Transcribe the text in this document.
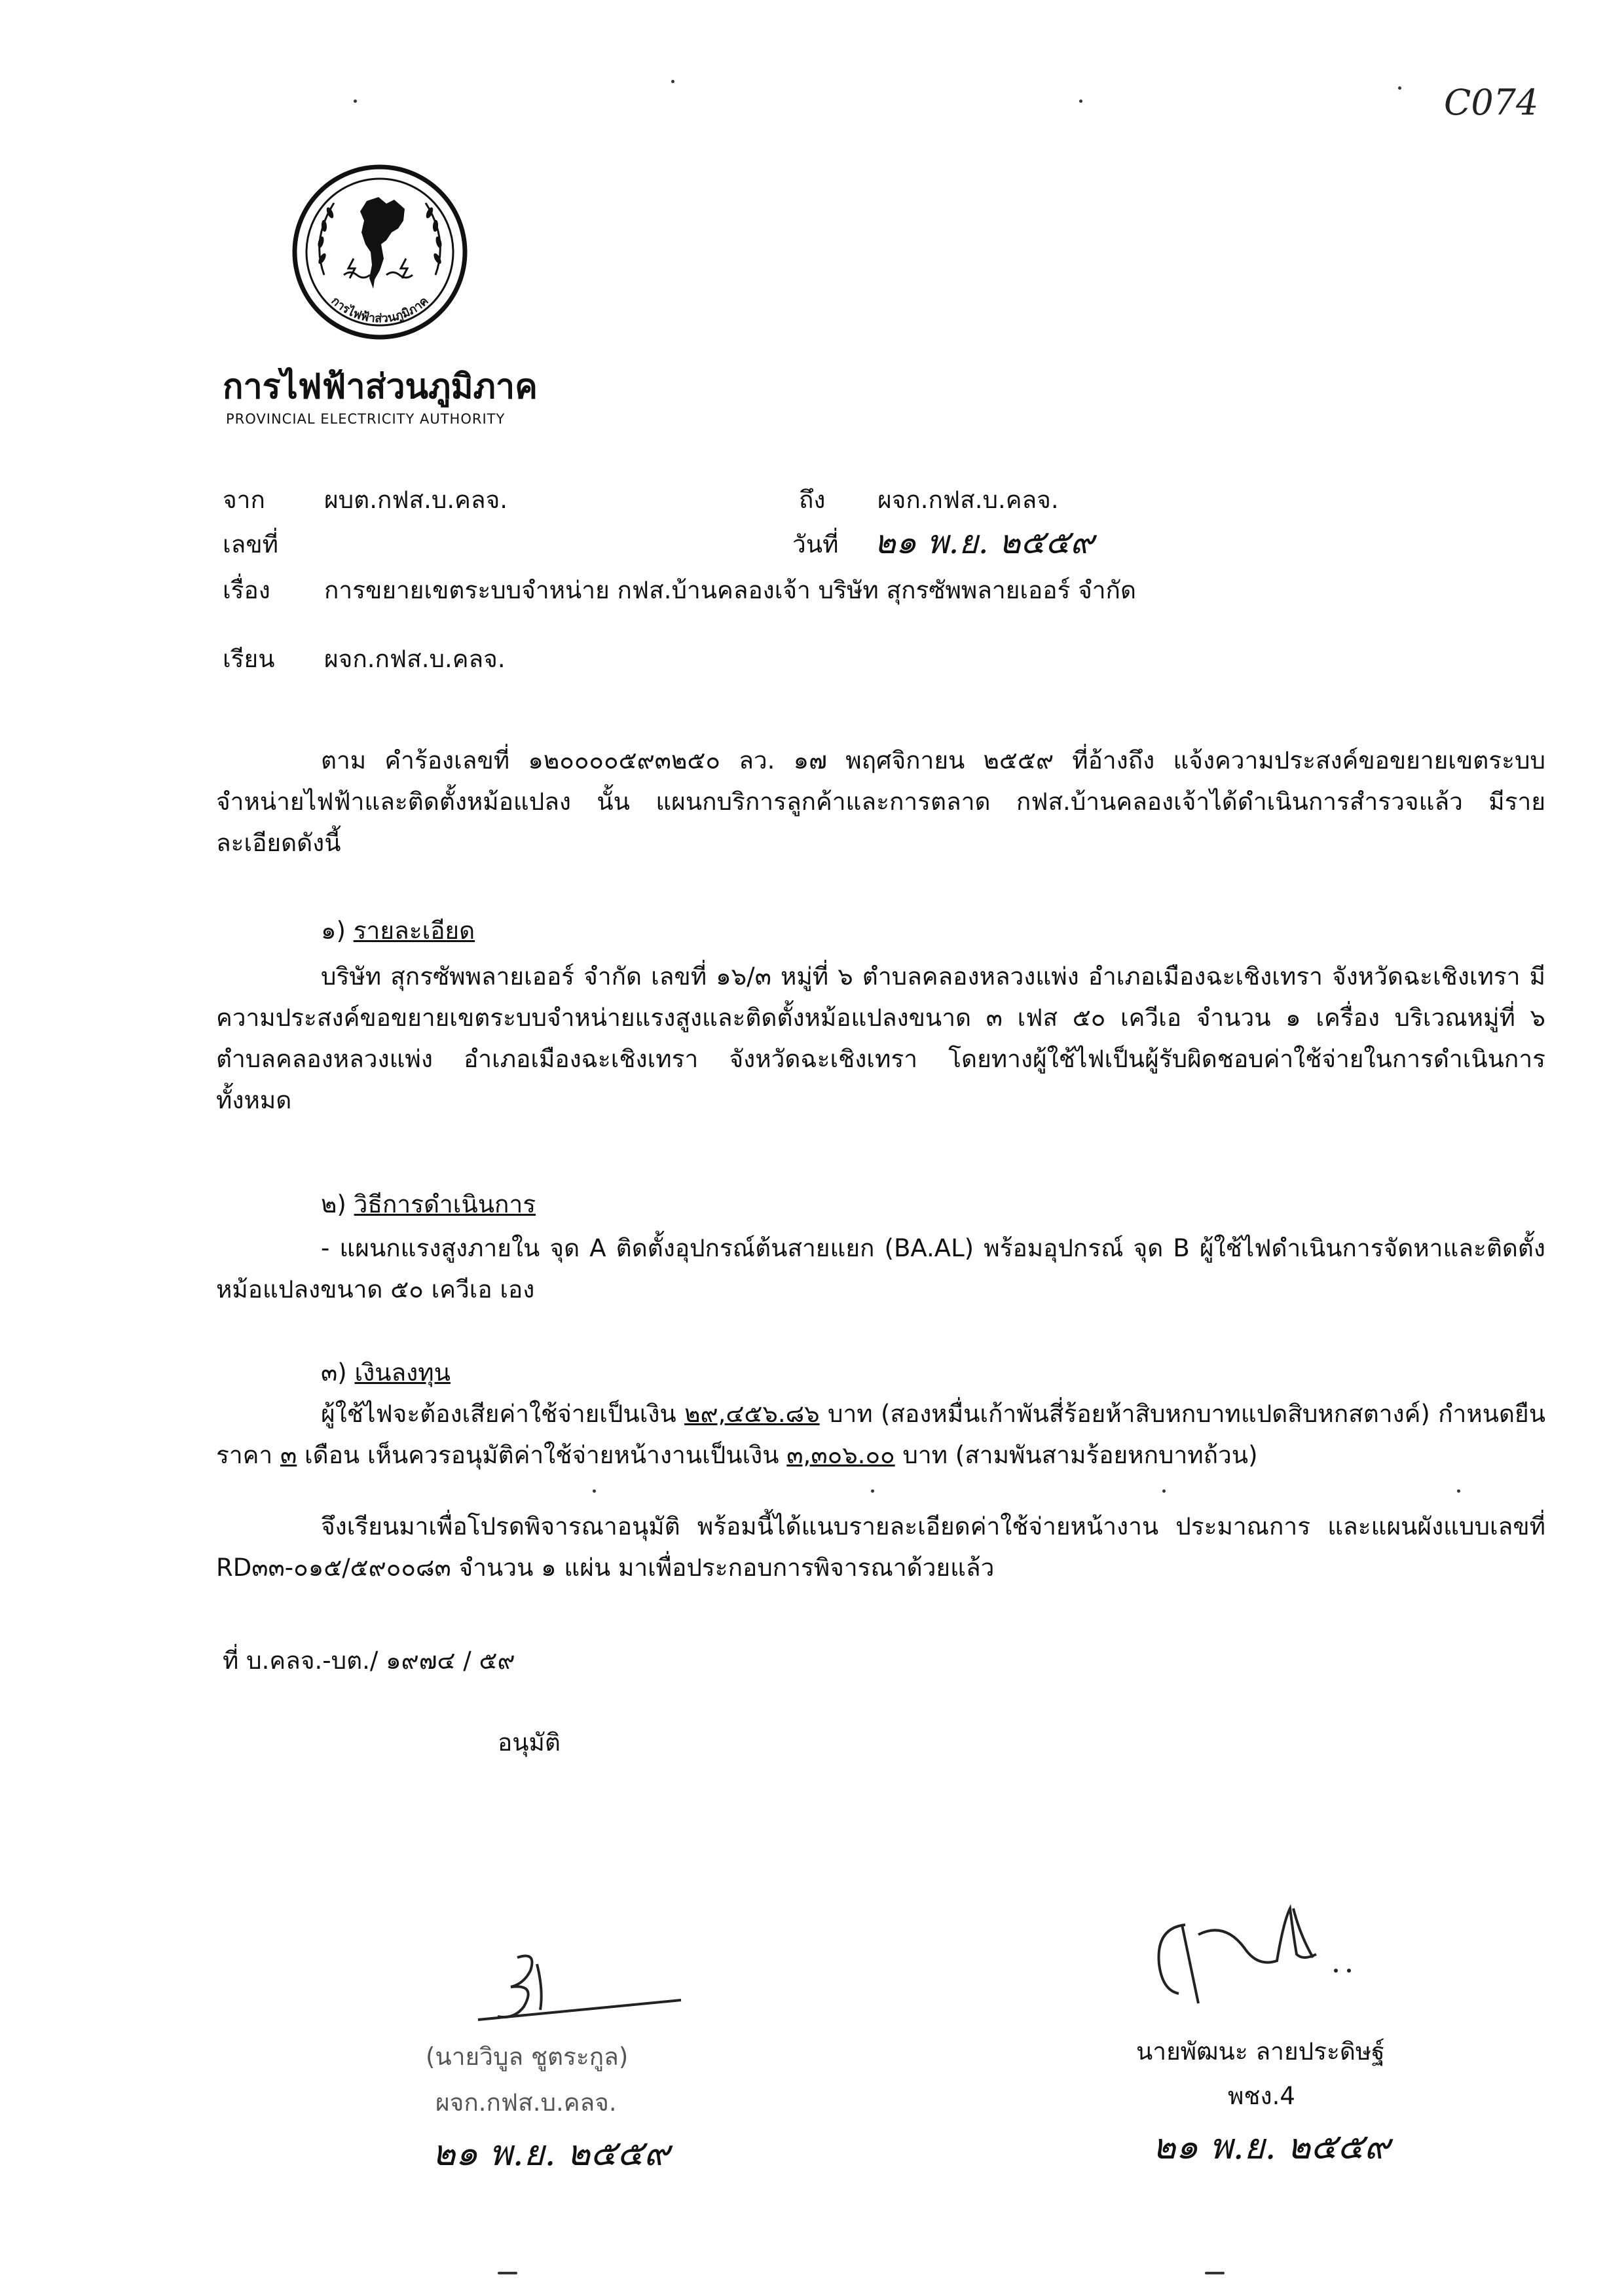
C074
การไฟฟ้าส่วนภูมิภาค
การไฟฟ้าส่วนภูมิภาค
PROVINCIAL ELECTRICITY AUTHORITY
จาก ผบต.กฟส.บ.คลจ.	ถึง ผจก.กฟส.บ.คลจ.
เลขที่	วันที่ ๒๑ พ.ย. ๒๕๕๙
เรื่อง การขยายเขตระบบจำหน่าย กฟส.บ้านคลองเจ้า บริษัท สุกรซัพพลายเออร์ จำกัด
เรียน ผจก.กฟส.บ.คลจ.
ตาม คำร้องเลขที่ ๑๒๐๐๐๐๕๙๓๒๕๐ ลว. ๑๗ พฤศจิกายน ๒๕๕๙ ที่อ้างถึง แจ้งความประสงค์ขอขยายเขตระบบจำหน่ายไฟฟ้าและติดตั้งหม้อแปลง นั้น แผนกบริการลูกค้าและการตลาด กฟส.บ้านคลองเจ้าได้ดำเนินการสำรวจแล้ว มีรายละเอียดดังนี้
๑) รายละเอียด
บริษัท สุกรซัพพลายเออร์ จำกัด เลขที่ ๑๖/๓ หมู่ที่ ๖ ตำบลคลองหลวงแพ่ง อำเภอเมืองฉะเชิงเทรา จังหวัดฉะเชิงเทรา มีความประสงค์ขอขยายเขตระบบจำหน่ายแรงสูงและติดตั้งหม้อแปลงขนาด ๓ เฟส ๕๐ เควีเอ จำนวน ๑ เครื่อง บริเวณหมู่ที่ ๖ ตำบลคลองหลวงแพ่ง อำเภอเมืองฉะเชิงเทรา จังหวัดฉะเชิงเทรา โดยทางผู้ใช้ไฟเป็นผู้รับผิดชอบค่าใช้จ่ายในการดำเนินการทั้งหมด
๒) วิธีการดำเนินการ
- แผนกแรงสูงภายใน จุด A ติดตั้งอุปกรณ์ต้นสายแยก (BA.AL) พร้อมอุปกรณ์ จุด B ผู้ใช้ไฟดำเนินการจัดหาและติดตั้งหม้อแปลงขนาด ๕๐ เควีเอ เอง
๓) เงินลงทุน
ผู้ใช้ไฟจะต้องเสียค่าใช้จ่ายเป็นเงิน ๒๙,๔๕๖.๘๖ บาท (สองหมื่นเก้าพันสี่ร้อยห้าสิบหกบาทแปดสิบหกสตางค์) กำหนดยืนราคา ๓ เดือน เห็นควรอนุมัติค่าใช้จ่ายหน้างานเป็นเงิน ๓,๓๐๖.๐๐ บาท (สามพันสามร้อยหกบาทถ้วน)
จึงเรียนมาเพื่อโปรดพิจารณาอนุมัติ พร้อมนี้ได้แนบรายละเอียดค่าใช้จ่ายหน้างาน ประมาณการ และแผนผังแบบเลขที่ RD๓๓-๐๑๕/๕๙๐๐๘๓ จำนวน ๑ แผ่น มาเพื่อประกอบการพิจารณาด้วยแล้ว
ที่ บ.คลจ.-บต./ ๑๙๗๔ / ๕๙
อนุมัติ
(นายวิบูล ชูตระกูล)
ผจก.กฟส.บ.คลจ.
๒๑ พ.ย. ๒๕๕๙
นายพัฒนะ ลายประดิษฐ์
พชง.4
๒๑ พ.ย. ๒๕๕๙
